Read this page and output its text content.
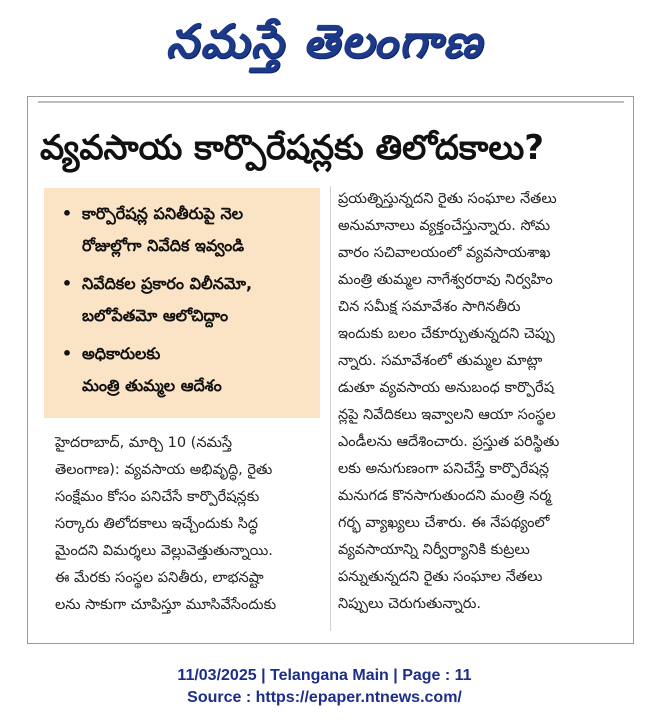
నమస్తే తెలంగాణ
వ్యవసాయ కార్పొరేషన్లకు తిలోదకాలు?
• కార్పొరేషన్ల పనితీరుపై నెల
రోజుల్లోగా నివేదిక ఇవ్వండి
• నివేదికల ప్రకారం విలీనమో,
బలోపేతమో ఆలోచిద్దాం
• అధికారులకు
మంత్రి తుమ్మల ఆదేశం
హైదరాబాద్, మార్చి 10 (నమస్తే
తెలంగాణ): వ్యవసాయ అభివృద్ధి, రైతు
సంక్షేమం కోసం పనిచేసే కార్పొరేషన్లకు
సర్కారు తిలోదకాలు ఇచ్చేందుకు సిద్ధ
మైందని విమర్శలు వెల్లువెత్తుతున్నాయి.
ఈ మేరకు సంస్థల పనితీరు, లాభనష్టా
లను సాకుగా చూపిస్తూ మూసివేసేందుకు
ప్రయత్నిస్తున్నదని రైతు సంఘాల నేతలు
అనుమానాలు వ్యక్తంచేస్తున్నారు. సోమ
వారం సచివాలయంలో వ్యవసాయశాఖ
మంత్రి తుమ్మల నాగేశ్వరరావు నిర్వహిం
చిన సమీక్ష సమావేశం సాగినతీరు
ఇందుకు బలం చేకూర్చుతున్నదని చెప్పు
న్నారు. సమావేశంలో తుమ్మల మాట్లా
డుతూ వ్యవసాయ అనుబంధ కార్పొరేష
న్లపై నివేదికలు ఇవ్వాలని ఆయా సంస్థల
ఎండీలను ఆదేశించారు. ప్రస్తుత పరిస్థితు
లకు అనుగుణంగా పనిచేస్తే కార్పొరేషన్ల
మనుగడ కొనసాగుతుందని మంత్రి నర్మ
గర్భ వ్యాఖ్యలు చేశారు. ఈ నేపథ్యంలో
వ్యవసాయాన్ని నిర్వీర్యానికి కుట్రలు
పన్నుతున్నదని రైతు సంఘాల నేతలు
నిప్పులు చెరుగుతున్నారు.
11/03/2025 | Telangana Main | Page : 11
Source : https://epaper.ntnews.com/
